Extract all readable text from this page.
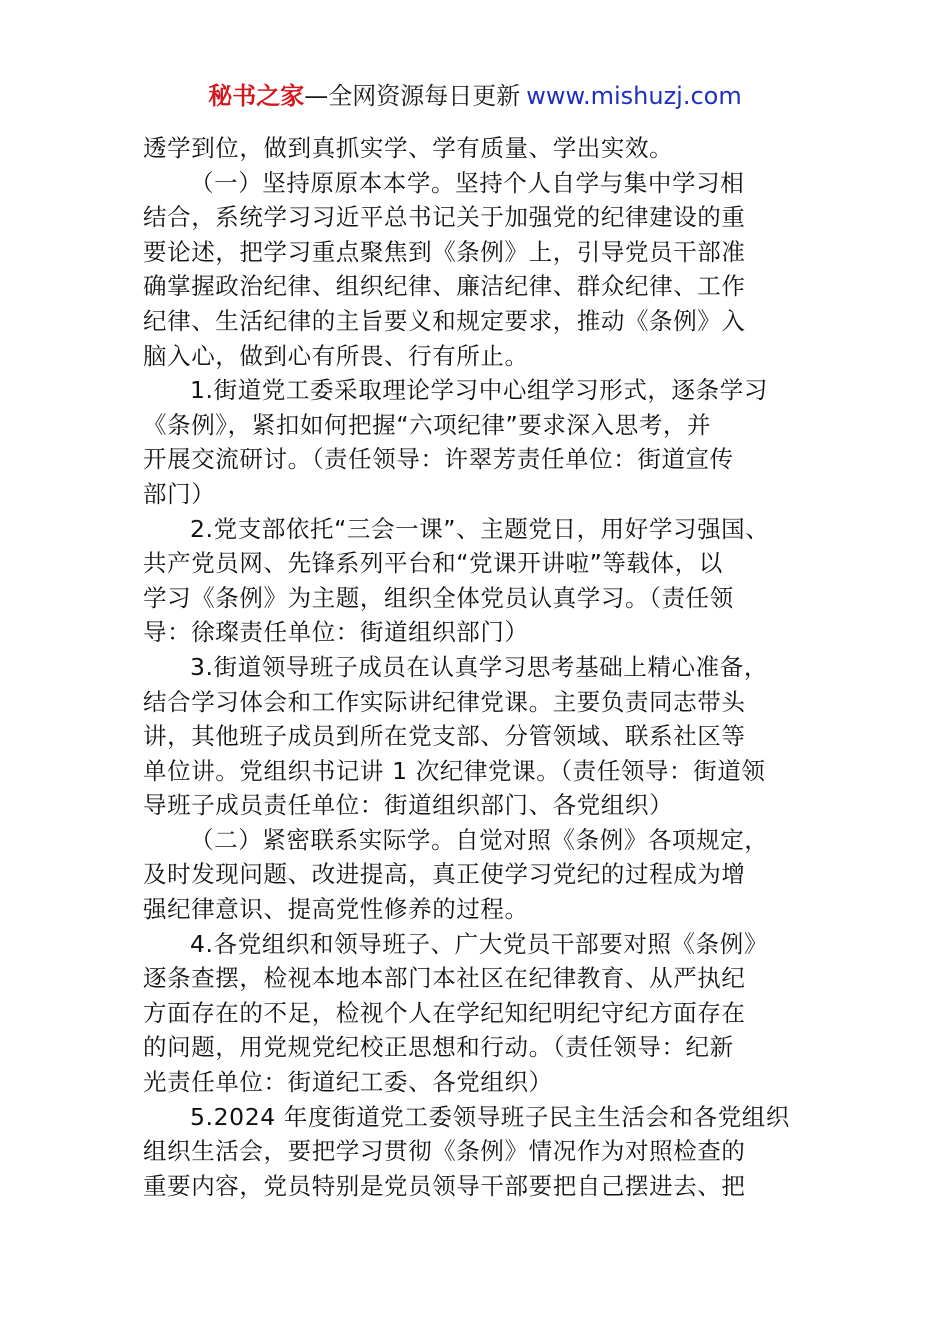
秘书之家—全网资源每日更新 www.mishuzj.com
透学到位，做到真抓实学、学有质量、学出实效。
（一）坚持原原本本学。坚持个人自学与集中学习相
结合，系统学习习近平总书记关于加强党的纪律建设的重
要论述，把学习重点聚焦到《条例》上，引导党员干部准
确掌握政治纪律、组织纪律、廉洁纪律、群众纪律、工作
纪律、生活纪律的主旨要义和规定要求，推动《条例》入
脑入心，做到心有所畏、行有所止。
1.街道党工委采取理论学习中心组学习形式，逐条学习
《条例》，紧扣如何把握“六项纪律”要求深入思考，并
开展交流研讨。（责任领导：许翠芳责任单位：街道宣传
部门）
2.党支部依托“三会一课”、主题党日，用好学习强国、
共产党员网、先锋系列平台和“党课开讲啦”等载体，以
学习《条例》为主题，组织全体党员认真学习。（责任领
导：徐璨责任单位：街道组织部门）
3.街道领导班子成员在认真学习思考基础上精心准备，
结合学习体会和工作实际讲纪律党课。主要负责同志带头
讲，其他班子成员到所在党支部、分管领域、联系社区等
单位讲。党组织书记讲 1 次纪律党课。（责任领导：街道领
导班子成员责任单位：街道组织部门、各党组织）
（二）紧密联系实际学。自觉对照《条例》各项规定，
及时发现问题、改进提高，真正使学习党纪的过程成为增
强纪律意识、提高党性修养的过程。
4.各党组织和领导班子、广大党员干部要对照《条例》
逐条查摆，检视本地本部门本社区在纪律教育、从严执纪
方面存在的不足，检视个人在学纪知纪明纪守纪方面存在
的问题，用党规党纪校正思想和行动。（责任领导：纪新
光责任单位：街道纪工委、各党组织）
5.2024 年度街道党工委领导班子民主生活会和各党组织
组织生活会，要把学习贯彻《条例》情况作为对照检查的
重要内容，党员特别是党员领导干部要把自己摆进去、把
